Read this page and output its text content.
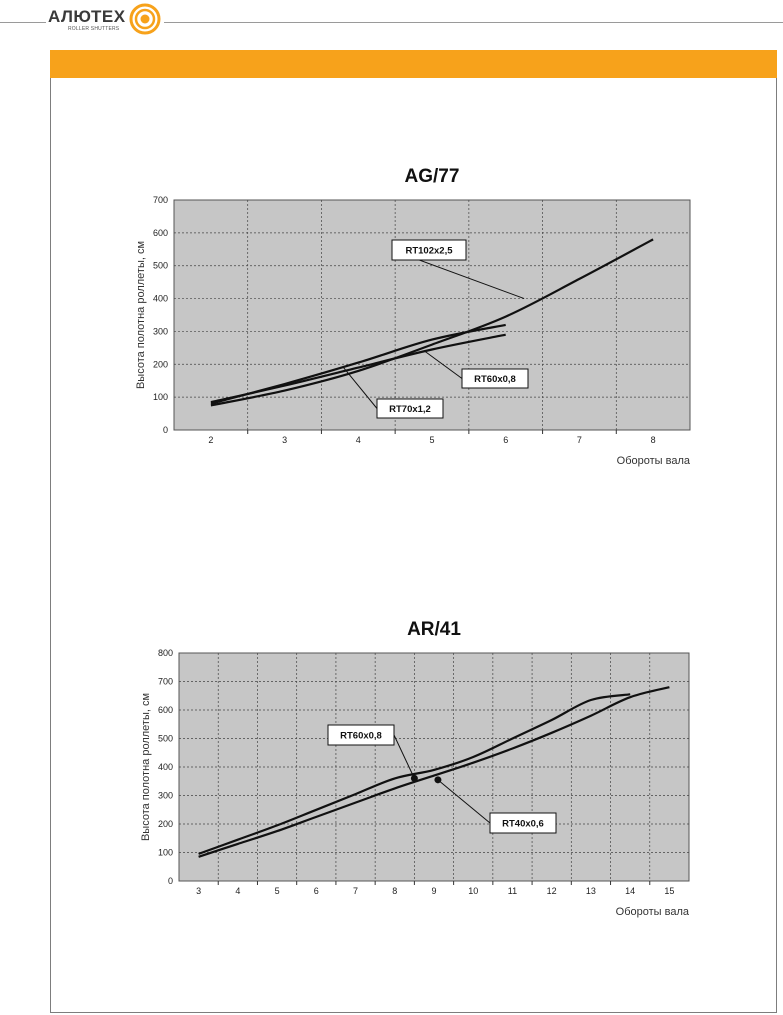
АЛЮТЕХ
ROLLER SHUTTERS
AG/77
0
100
200
300
400
500
600
700
2	3	4	5	6	7	8
Обороты вала
Высота полотна роллеты, см	RT102x2,5
RT60x0,8
RT70x1,2
AR/41
0
100
200
300
400
500
600
700
800
3	4	5	6	7	8	9	10	11	12	13	14	15
Обороты вала
Высота полотна роллеты, см	RT60x0,8
RT40x0,6
